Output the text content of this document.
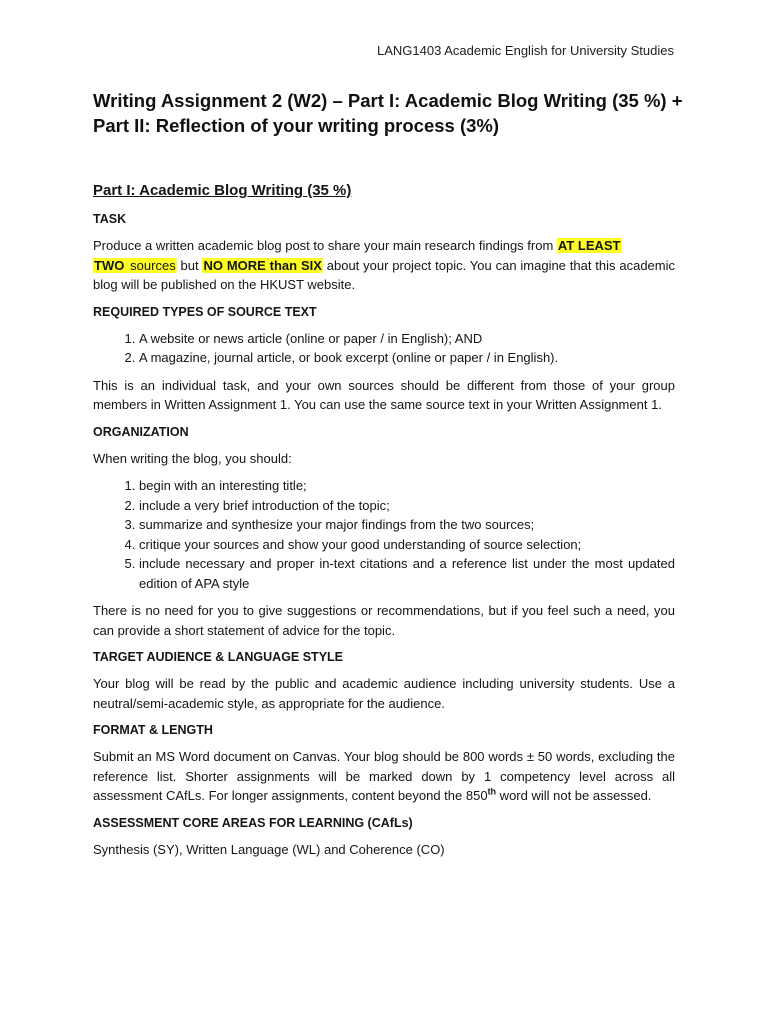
LANG1403 Academic English for University Studies
Writing Assignment 2 (W2) – Part I: Academic Blog Writing (35 %) +
Part II: Reflection of your writing process (3%)
Part I: Academic Blog Writing (35 %)
TASK

Produce a written academic blog post to share your main research findings from AT LEAST
TWO sources but NO MORE than SIX about your project topic. You can imagine that this academic blog will be published on the HKUST website.

REQUIRED TYPES OF SOURCE TEXT
1. A website or news article (online or paper / in English); AND
2. A magazine, journal article, or book excerpt (online or paper / in English).

This is an individual task, and your own sources should be different from those of your group members in Written Assignment 1. You can use the same source text in your Written Assignment 1.

ORGANIZATION

When writing the blog, you should:

1. begin with an interesting title;
2. include a very brief introduction of the topic;
3. summarize and synthesize your major findings from the two sources;
4. critique your sources and show your good understanding of source selection;
5. include necessary and proper in-text citations and a reference list under the most updated edition of APA style

There is no need for you to give suggestions or recommendations, but if you feel such a need, you can provide a short statement of advice for the topic.

TARGET AUDIENCE & LANGUAGE STYLE

Your blog will be read by the public and academic audience including university students. Use a neutral/semi-academic style, as appropriate for the audience.

FORMAT & LENGTH

Submit an MS Word document on Canvas. Your blog should be 800 words ± 50 words, excluding the reference list. Shorter assignments will be marked down by 1 competency level across all assessment CAfLs. For longer assignments, content beyond the 850th word will not be assessed.

ASSESSMENT CORE AREAS FOR LEARNING (CAfLs)

Synthesis (SY), Written Language (WL) and Coherence (CO)
